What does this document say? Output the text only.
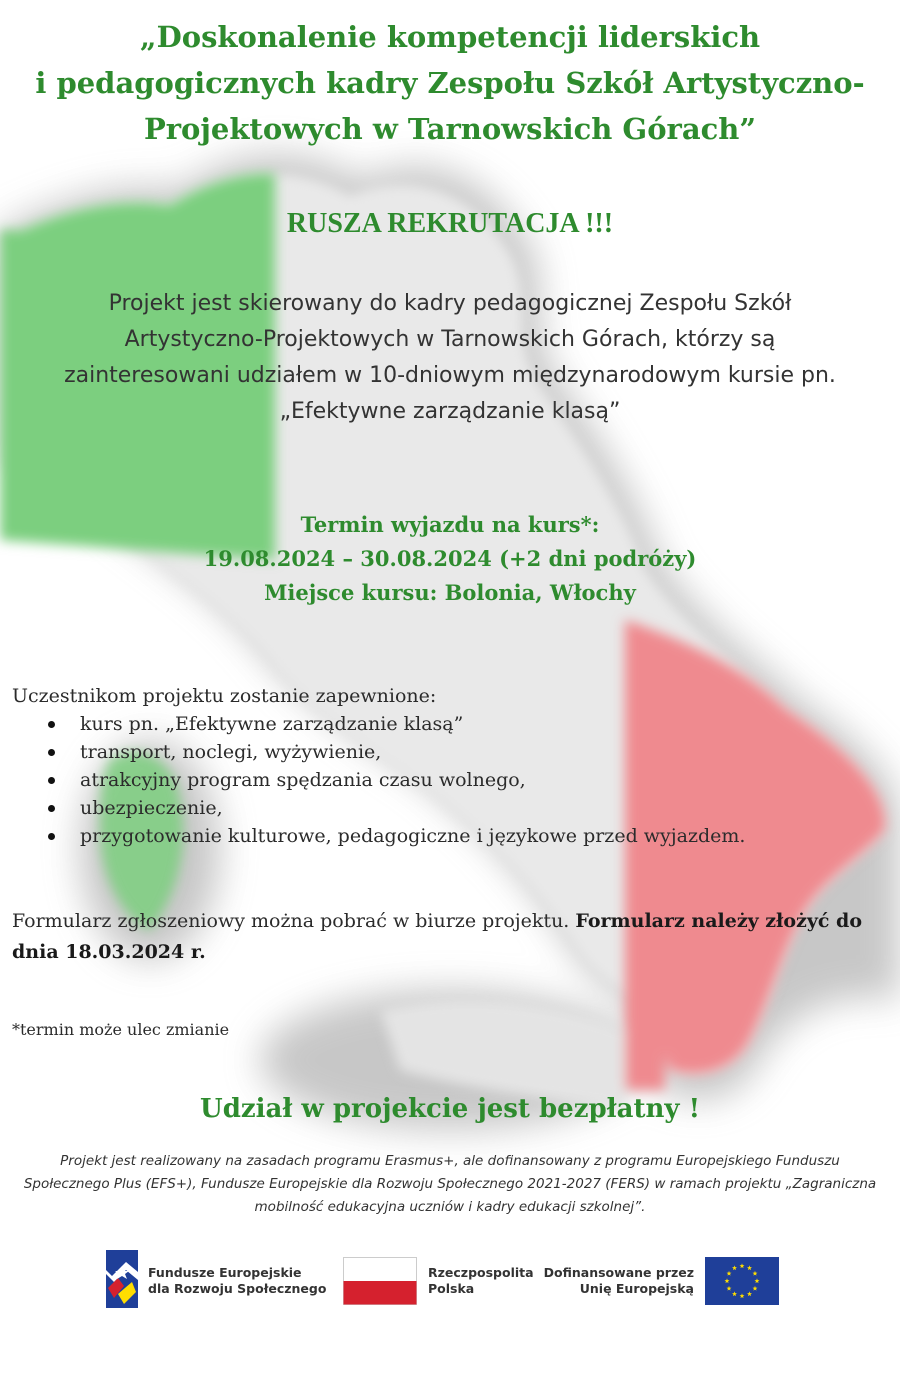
„Doskonalenie kompetencji liderskich
i pedagogicznych kadry Zespołu Szkół Artystyczno-
Projektowych w Tarnowskich Górach”
RUSZA REKRUTACJA !!!
Projekt jest skierowany do kadry pedagogicznej Zespołu Szkół
Artystyczno-Projektowych w Tarnowskich Górach, którzy są
zainteresowani udziałem w 10-dniowym międzynarodowym kursie pn.
„Efektywne zarządzanie klasą”
Termin wyjazdu na kurs*:
19.08.2024 – 30.08.2024 (+2 dni podróży)
Miejsce kursu: Bolonia, Włochy
Uczestnikom projektu zostanie zapewnione:
kurs pn. „Efektywne zarządzanie klasą”
transport, noclegi, wyżywienie,
atrakcyjny program spędzania czasu wolnego,
ubezpieczenie,
przygotowanie kulturowe, pedagogiczne i językowe przed wyjazdem.
Formularz zgłoszeniowy można pobrać w biurze projektu. Formularz należy złożyć do dnia 18.03.2024 r.
*termin może ulec zmianie
Udział w projekcie jest bezpłatny !
Projekt jest realizowany na zasadach programu Erasmus+, ale dofinansowany z programu Europejskiego Funduszu
Społecznego Plus (EFS+), Fundusze Europejskie dla Rozwoju Społecznego 2021-2027 (FERS) w ramach projektu „Zagraniczna
mobilność edukacyjna uczniów i kadry edukacji szkolnej”.
Fundusze Europejskie
dla Rozwoju Społecznego
Rzeczpospolita
Polska
Dofinansowane przez
Unię Europejską
